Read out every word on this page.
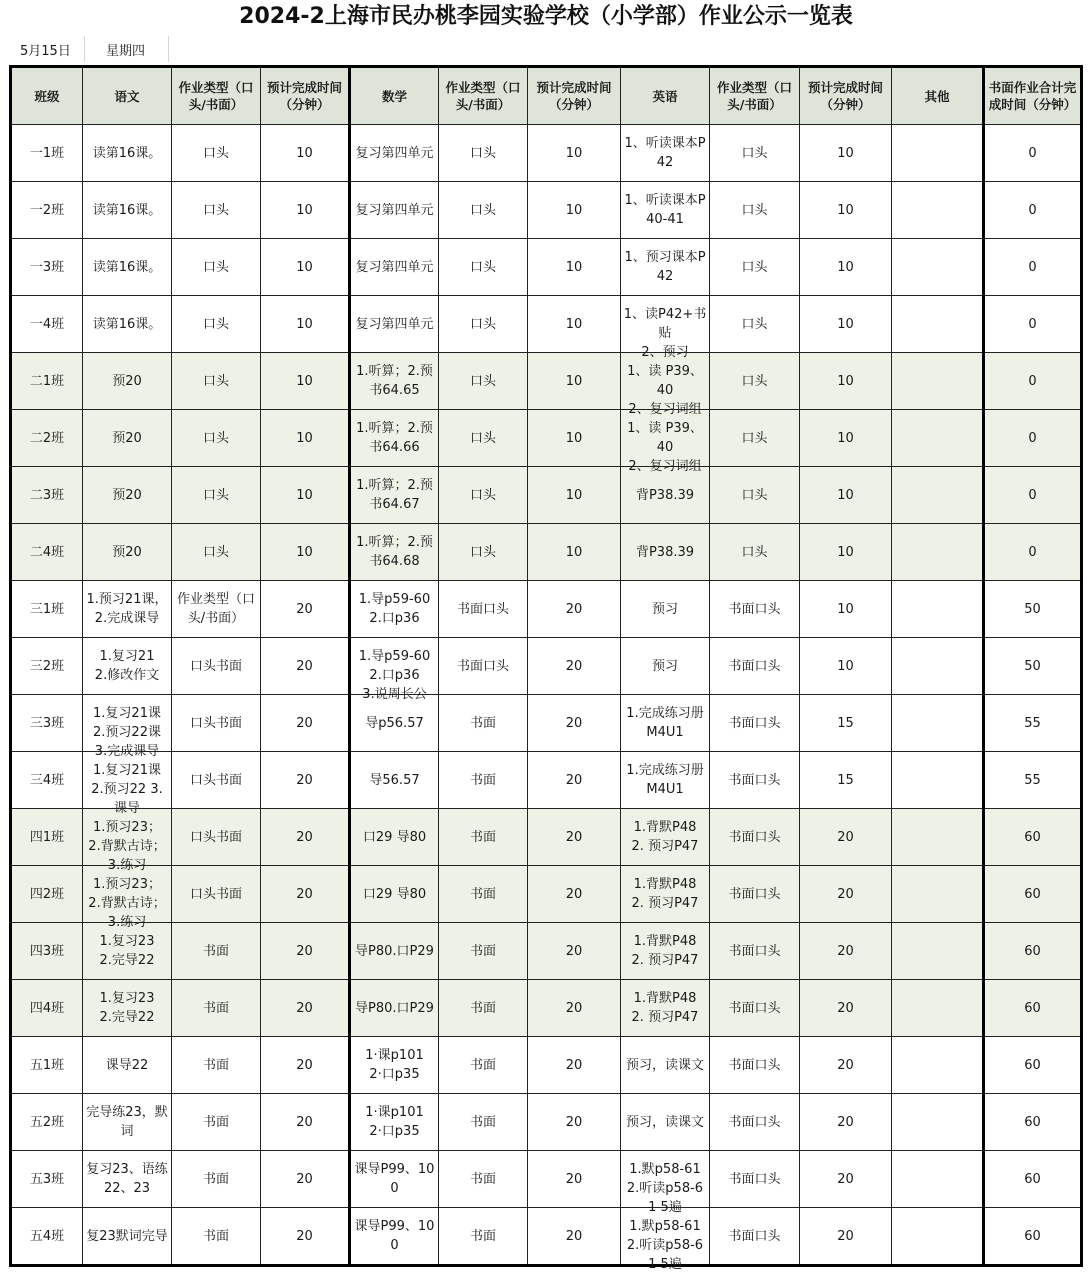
2024-2上海市民办桃李园实验学校（小学部）作业公示一览表
5月15日	星期四
班级	语文	作业类型（口头/书面）	预计完成时间（分钟）	数学	作业类型（口头/书面）	预计完成时间（分钟）	英语	作业类型（口头/书面）	预计完成时间（分钟）	其他	书面作业合计完成时间（分钟）

一1班	读第16课。	口头	10	复习第四单元	口头	10	1、听读课本P42	口头	10		0

一2班	读第16课。	口头	10	复习第四单元	口头	10	1、听读课本P40-41	口头	10		0

一3班	读第16课。	口头	10	复习第四单元	口头	10	1、预习课本P42	口头	10		0

一4班	读第16课。	口头	10	复习第四单元	口头	10	1、读P42+书贴
2、预习	口头	10		0

二1班	预20	口头	10	1.听算；2.预书64.65	口头	10	1、读 P39、40
2、复习词组	口头	10		0

二2班	预20	口头	10	1.听算；2.预书64.66	口头	10	1、读 P39、40
2、复习词组	口头	10		0

二3班	预20	口头	10	1.听算；2.预书64.67	口头	10	背P38.39	口头	10		0

二4班	预20	口头	10	1.听算；2.预书64.68	口头	10	背P38.39	口头	10		0

三1班	1.预习21课，2.完成课导	作业类型（口头/书面）	20	1.导p59-60　2.口p36	书面口头	20	预习	书面口头	10		50

三2班	1.复习21
2.修改作文	口头书面	20	1.导p59-60
2.口p36
3.说周长公	书面口头	20	预习	书面口头	10		50

三3班	1.复习21课
2.预习22课
3.完成课导	口头书面	20	导p56.57	书面	20	1.完成练习册M4U1	书面口头	15		55

三4班	1.复习21课
2.预习22 3.课导	口头书面	20	导56.57	书面	20	1.完成练习册M4U1	书面口头	15		55

四1班	1.预习23；
2.背默古诗；3.练习	口头书面	20	口29 导80	书面	20	1.背默P48
2. 预习P47	书面口头	20		60

四2班	1.预习23；
2.背默古诗；3.练习	口头书面	20	口29 导80	书面	20	1.背默P48
2. 预习P47	书面口头	20		60

四3班	1.复习23
2.完导22	书面	20	导P80.口P29	书面	20	1.背默P48
2. 预习P47	书面口头	20		60

四4班	1.复习23
2.完导22	书面	20	导P80.口P29	书面	20	1.背默P48
2. 预习P47	书面口头	20		60

五1班	课导22	书面	20	1·课p101
2·口p35	书面	20	预习，读课文	书面口头	20		60

五2班	完导练23，默词	书面	20	1·课p101
2·口p35	书面	20	预习，读课文	书面口头	20		60

五3班	复习23、语练22、23	书面	20	课导P99、100	书面	20	1.默p58-61
2.听读p58-61 5遍	书面口头	20		60

五4班	复23默词完导	书面	20	课导P99、100	书面	20	1.默p58-61
2.听读p58-61 5遍	书面口头	20		60
